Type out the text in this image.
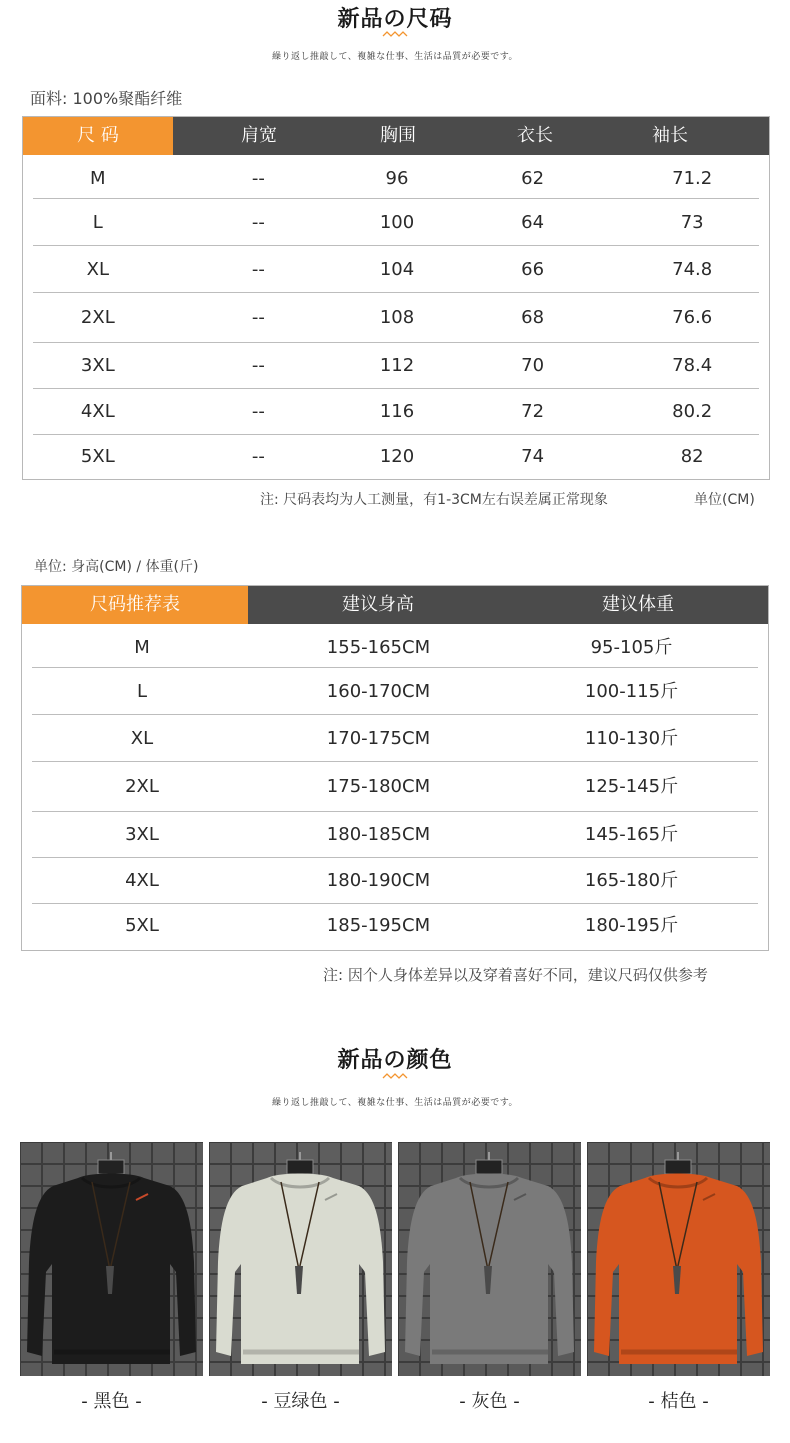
新品の尺码
繰り返し推敲して、複雑な仕事、生活は品質が必要です。
面料: 100%聚酯纤维
尺 码	肩宽	胸围	衣长	袖长
M	--	96	62	71.2
L	--	100	64	73
XL	--	104	66	74.8
2XL	--	108	68	76.6
3XL	--	112	70	78.4
4XL	--	116	72	80.2
5XL	--	120	74	82
注: 尺码表均为人工测量，有1-3CM左右误差属正常现象	单位(CM)
单位: 身高(CM) / 体重(斤)
尺码推荐表	建议身高	建议体重
M	155-165CM	95-105斤
L	160-170CM	100-115斤
XL	170-175CM	110-130斤
2XL	175-180CM	125-145斤
3XL	180-185CM	145-165斤
4XL	180-190CM	165-180斤
5XL	185-195CM	180-195斤
注: 因个人身体差异以及穿着喜好不同，建议尺码仅供参考
新品の颜色
繰り返し推敲して、複雑な仕事、生活は品質が必要です。
- 黑色 -	- 豆绿色 -	- 灰色 -	- 桔色 -
